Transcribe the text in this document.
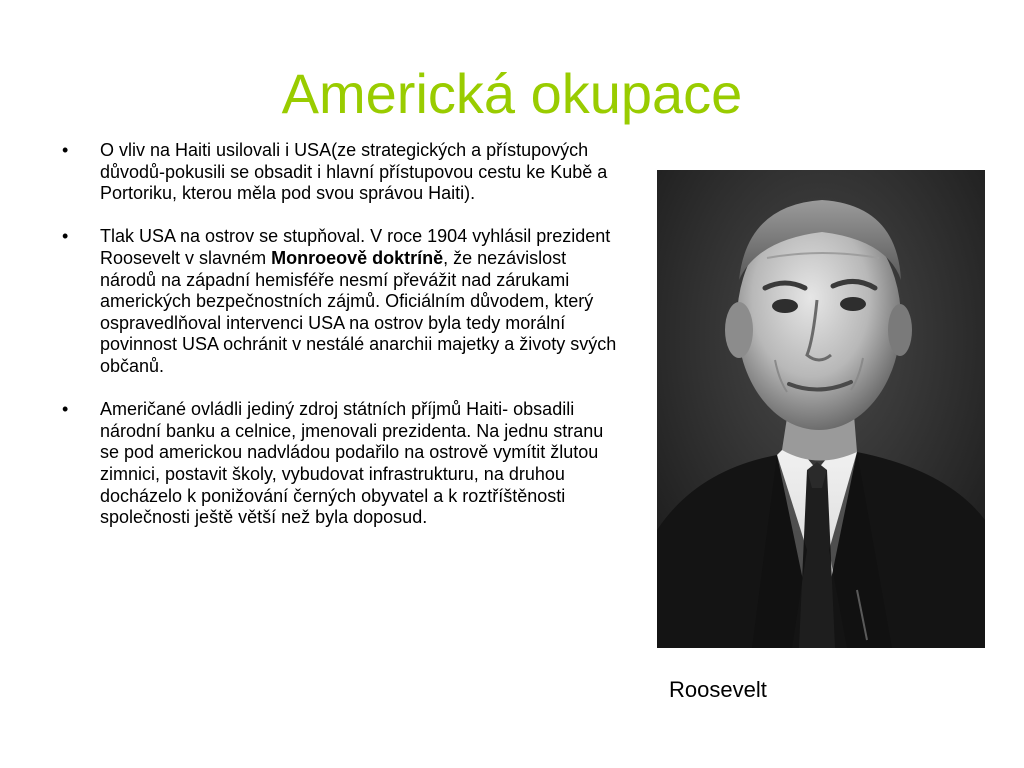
Americká okupace
• O vliv na Haiti usilovali i USA(ze strategických a přístupových důvodů-pokusili se obsadit i hlavní přístupovou cestu ke Kubě a Portoriku, kterou měla pod svou správou Haiti).
• Tlak USA na ostrov se stupňoval. V roce 1904 vyhlásil prezident Roosevelt v slavném Monroeově doktríně, že nezávislost národů na západní hemisféře nesmí převážit nad zárukami amerických bezpečnostních zájmů. Oficiálním důvodem, který ospravedlňoval intervenci USA na ostrov byla tedy morální povinnost USA ochránit v nestálé anarchii majetky a životy svých občanů.
• Američané ovládli jediný zdroj státních příjmů Haiti- obsadili národní banku a celnice, jmenovali prezidenta. Na jednu stranu se pod americkou nadvládou podařilo na ostrově vymítit žlutou zimnici, postavit školy, vybudovat infrastrukturu, na druhou docházelo k ponižování černých obyvatel a k roztříštěnosti společnosti ještě větší než byla doposud.
Roosevelt
